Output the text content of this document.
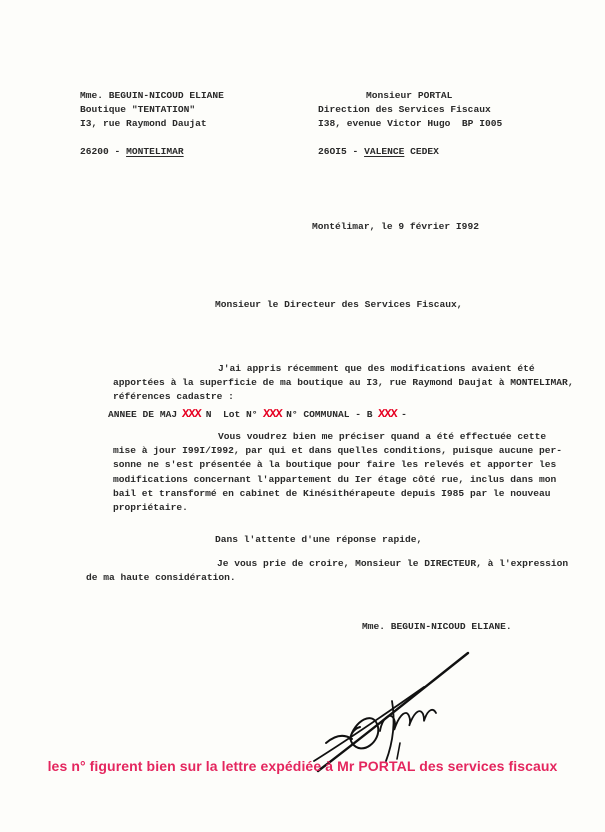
Mme. BEGUIN-NICOUD ELIANE
Boutique "TENTATION"
I3, rue Raymond Daujat
26200 - MONTELIMAR
Monsieur PORTAL
Direction des Services Fiscaux
I38, evenue Victor Hugo  BP I005
26OI5 - VALENCE CEDEX
Montélimar, le 9 février I992
Monsieur le Directeur des Services Fiscaux,
J'ai appris récemment que des modifications avaient été
apportées à la superficie de ma boutique au I3, rue Raymond Daujat à MONTELIMAR,
références cadastre :
ANNEE DE MAJ XXX N  Lot N° XXX N° COMMUNAL - B XXX -
Vous voudrez bien me préciser quand a été effectuée cette
mise à jour I99I/I992, par qui et dans quelles conditions, puisque aucune per-
sonne ne s'est présentée à la boutique pour faire les relevés et apporter les
modifications concernant l'appartement du Ier étage côté rue, inclus dans mon
bail et transformé en cabinet de Kinésithérapeute depuis I985 par le nouveau
propriétaire.
Dans l'attente d'une réponse rapide,
Je vous prie de croire, Monsieur le DIRECTEUR, à l'expression
de ma haute considération.
Mme. BEGUIN-NICOUD ELIANE.
les n° figurent bien sur la lettre expédiée à Mr PORTAL des services fiscaux
